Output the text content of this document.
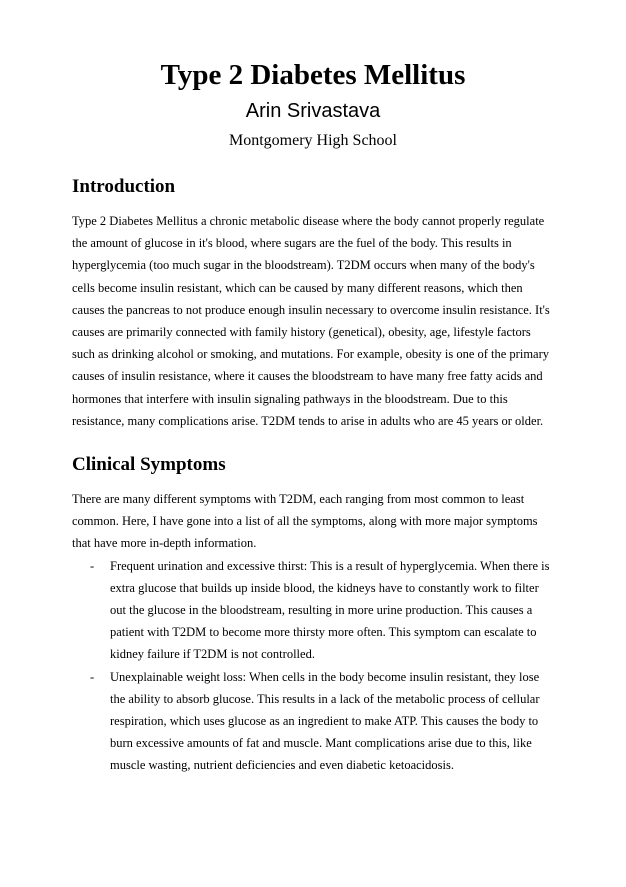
Type 2 Diabetes Mellitus
Arin Srivastava
Montgomery High School
Introduction

Type 2 Diabetes Mellitus a chronic metabolic disease where the body cannot properly regulate the amount of glucose in it's blood, where sugars are the fuel of the body. This results in hyperglycemia (too much sugar in the bloodstream). T2DM occurs when many of the body's cells become insulin resistant, which can be caused by many different reasons, which then causes the pancreas to not produce enough insulin necessary to overcome insulin resistance. It's causes are primarily connected with family history (genetical), obesity, age, lifestyle factors such as drinking alcohol or smoking, and mutations. For example, obesity is one of the primary causes of insulin resistance, where it causes the bloodstream to have many free fatty acids and hormones that interfere with insulin signaling pathways in the bloodstream. Due to this resistance, many complications arise. T2DM tends to arise in adults who are 45 years or older.

Clinical Symptoms

There are many different symptoms with T2DM, each ranging from most common to least common. Here, I have gone into a list of all the symptoms, along with more major symptoms that have more in-depth information.

- Frequent urination and excessive thirst: This is a result of hyperglycemia. When there is extra glucose that builds up inside blood, the kidneys have to constantly work to filter out the glucose in the bloodstream, resulting in more urine production. This causes a patient with T2DM to become more thirsty more often. This symptom can escalate to kidney failure if T2DM is not controlled.
- Unexplainable weight loss: When cells in the body become insulin resistant, they lose the ability to absorb glucose. This results in a lack of the metabolic process of cellular respiration, which uses glucose as an ingredient to make ATP. This causes the body to burn excessive amounts of fat and muscle. Mant complications arise due to this, like muscle wasting, nutrient deficiencies and even diabetic ketoacidosis.
